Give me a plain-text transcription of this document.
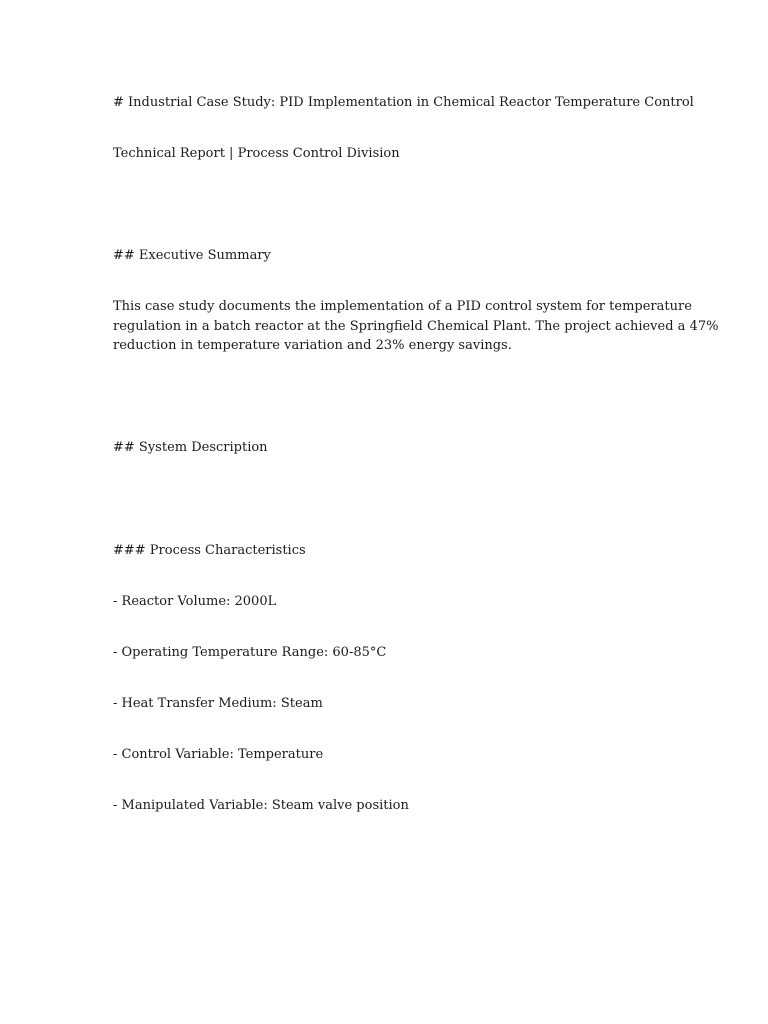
# Industrial Case Study: PID Implementation in Chemical Reactor Temperature Control
Technical Report | Process Control Division
## Executive Summary
This case study documents the implementation of a PID control system for temperature
regulation in a batch reactor at the Springfield Chemical Plant. The project achieved a 47%
reduction in temperature variation and 23% energy savings.
## System Description
### Process Characteristics
- Reactor Volume: 2000L
- Operating Temperature Range: 60-85°C
- Heat Transfer Medium: Steam
- Control Variable: Temperature
- Manipulated Variable: Steam valve position
